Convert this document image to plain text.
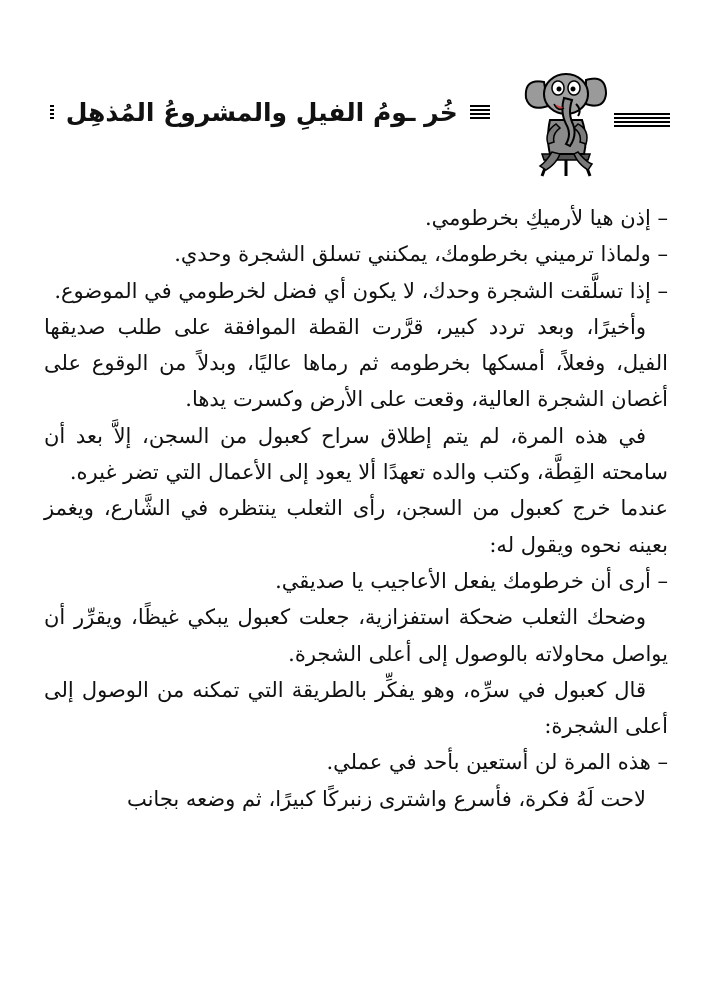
خُر ـومُ الفيلِ والمشروعُ المُذهِل

– إذن هيا لأرميكِ بخرطومي.

– ولماذا ترميني بخرطومك، يمكنني تسلق الشجرة وحدي.

– إذا تسلَّقت الشجرة وحدك، لا يكون أي فضل لخرطومي في الموضوع.

وأخيرًا، وبعد تردد كبير، قرَّرت القطة الموافقة على طلب صديقها الفيل، وفعلاً، أمسكها بخرطومه ثم رماها عاليًا، وبدلاً من الوقوع على أغصان الشجرة العالية، وقعت على الأرض وكسرت يدها.

في هذه المرة، لم يتم إطلاق سراح كعبول من السجن، إلاَّ بعد أن سامحته القِطَّة، وكتب والده تعهدًا ألا يعود إلى الأعمال التي تضر غيره.

عندما خرج كعبول من السجن، رأى الثعلب ينتظره في الشَّارع، ويغمز بعينه نحوه ويقول له:

– أرى أن خرطومك يفعل الأعاجيب يا صديقي.

وضحك الثعلب ضحكة استفزازية، جعلت كعبول يبكي غيظًا، ويقرِّر أن يواصل محاولاته بالوصول إلى أعلى الشجرة.

قال كعبول في سرِّه، وهو يفكِّر بالطريقة التي تمكنه من الوصول إلى أعلى الشجرة:

– هذه المرة لن أستعين بأحد في عملي.

لاحت لَهُ فكرة، فأسرع واشترى زنبركًا كبيرًا، ثم وضعه بجانب
